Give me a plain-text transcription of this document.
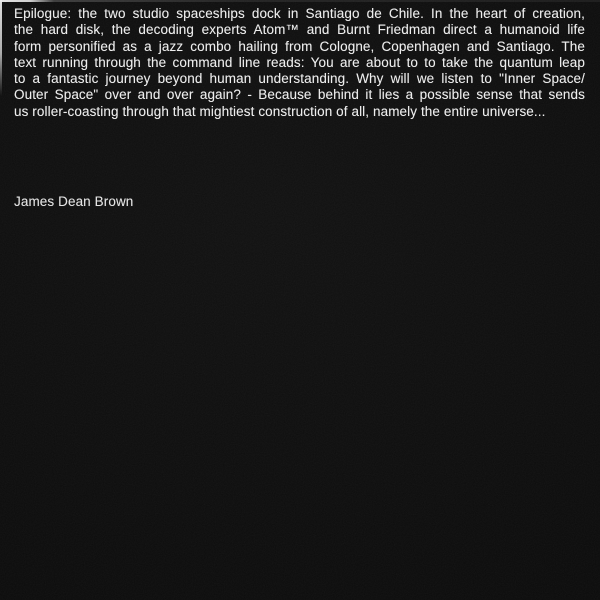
Epilogue: the two studio spaceships dock in Santiago de Chile. In the heart of creation,
the hard disk, the decoding experts Atom™ and Burnt Friedman direct a humanoid life
form personified as a jazz combo hailing from Cologne, Copenhagen and Santiago. The
text running through the command line reads: You are about to to take the quantum leap
to a fantastic journey beyond human understanding. Why will we listen to "Inner Space/
Outer Space" over and over again? - Because behind it lies a possible sense that sends
us roller-coasting through that mightiest construction of all, namely the entire universe...
James Dean Brown
